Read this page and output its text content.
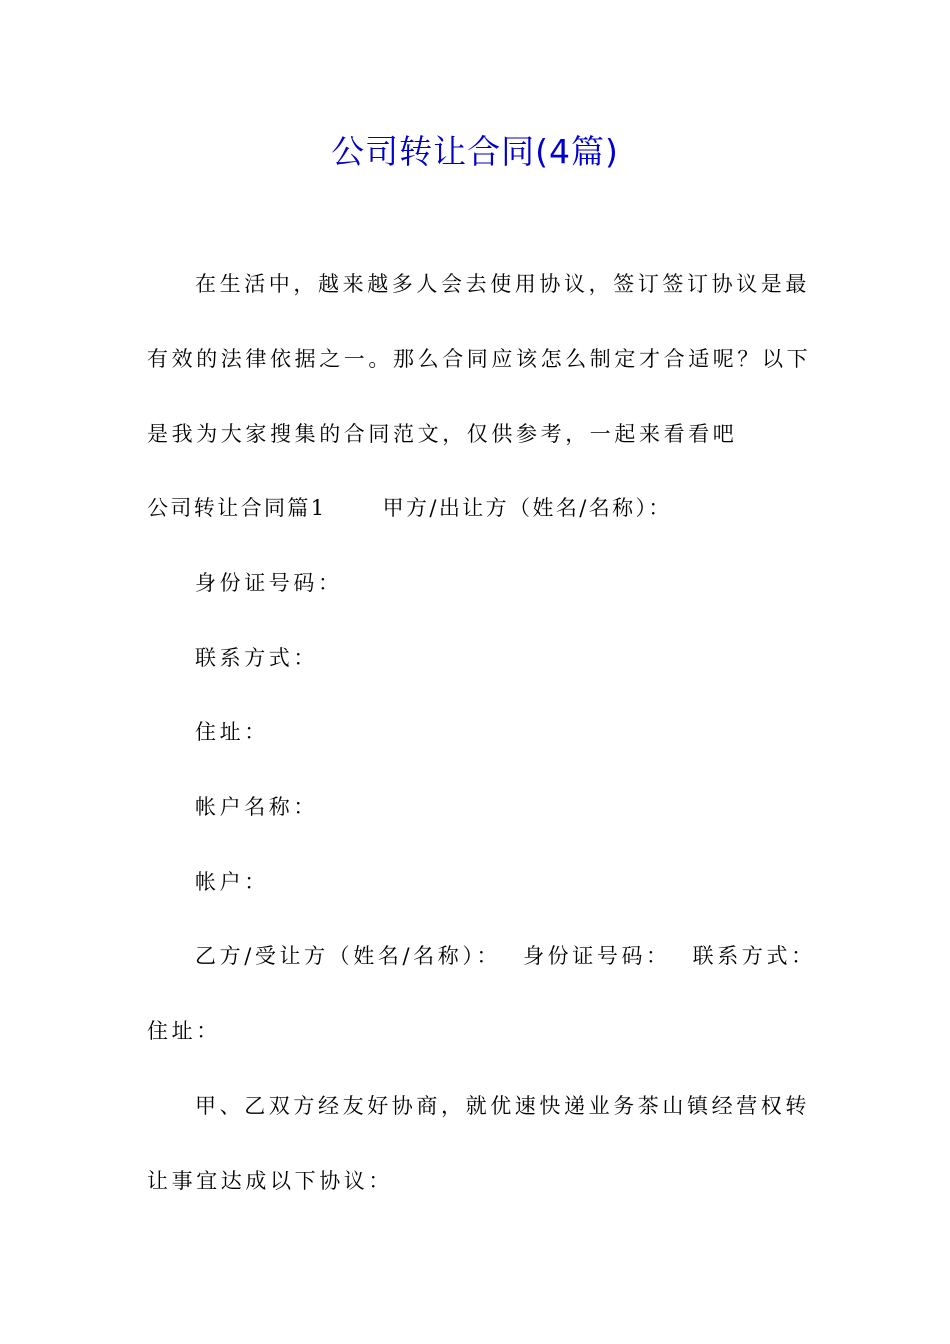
公司转让合同(4篇)
在生活中，越来越多人会去使用协议，签订签订协议是最
有效的法律依据之一。那么合同应该怎么制定才合适呢？以下
是我为大家搜集的合同范文，仅供参考，一起来看看吧
公司转让合同篇1	甲方/出让方（姓名/名称）：
身份证号码：
联系方式：
住址：
帐户名称：
帐户：
乙方/受让方（姓名/名称）： 身份证号码： 联系方式：
住址：
甲、乙双方经友好协商，就优速快递业务茶山镇经营权转
让事宜达成以下协议：
